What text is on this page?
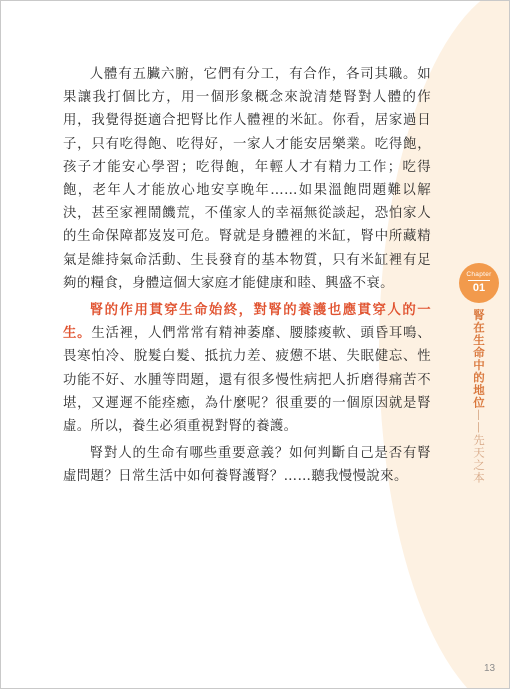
人體有五臟六腑，它們有分工，有合作，各司其職。如果讓我打個比方，用一個形象概念來說清楚腎對人體的作用，我覺得挺適合把腎比作人體裡的米缸。你看，居家過日子，只有吃得飽、吃得好，一家人才能安居樂業。吃得飽，孩子才能安心學習；吃得飽，年輕人才有精力工作；吃得飽，老年人才能放心地安享晚年……如果溫飽問題難以解決，甚至家裡鬧饑荒，不僅家人的幸福無從談起，恐怕家人的生命保障都岌岌可危。腎就是身體裡的米缸，腎中所藏精氣是維持氣命活動、生長發育的基本物質，只有米缸裡有足夠的糧食，身體這個大家庭才能健康和睦、興盛不衰。

腎的作用貫穿生命始終，對腎的養護也應貫穿人的一生。生活裡，人們常常有精神萎靡、腰膝痠軟、頭昏耳鳴、畏寒怕冷、脫髮白髮、抵抗力差、疲憊不堪、失眠健忘、性功能不好、水腫等問題，還有很多慢性病把人折磨得痛苦不堪，又遲遲不能痊癒，為什麼呢？很重要的一個原因就是腎虛。所以，養生必須重視對腎的養護。

腎對人的生命有哪些重要意義？如何判斷自己是否有腎虛問題？日常生活中如何養腎護腎？……聽我慢慢說來。

Chapter
01
腎在生命中的地位——先天之本
13
